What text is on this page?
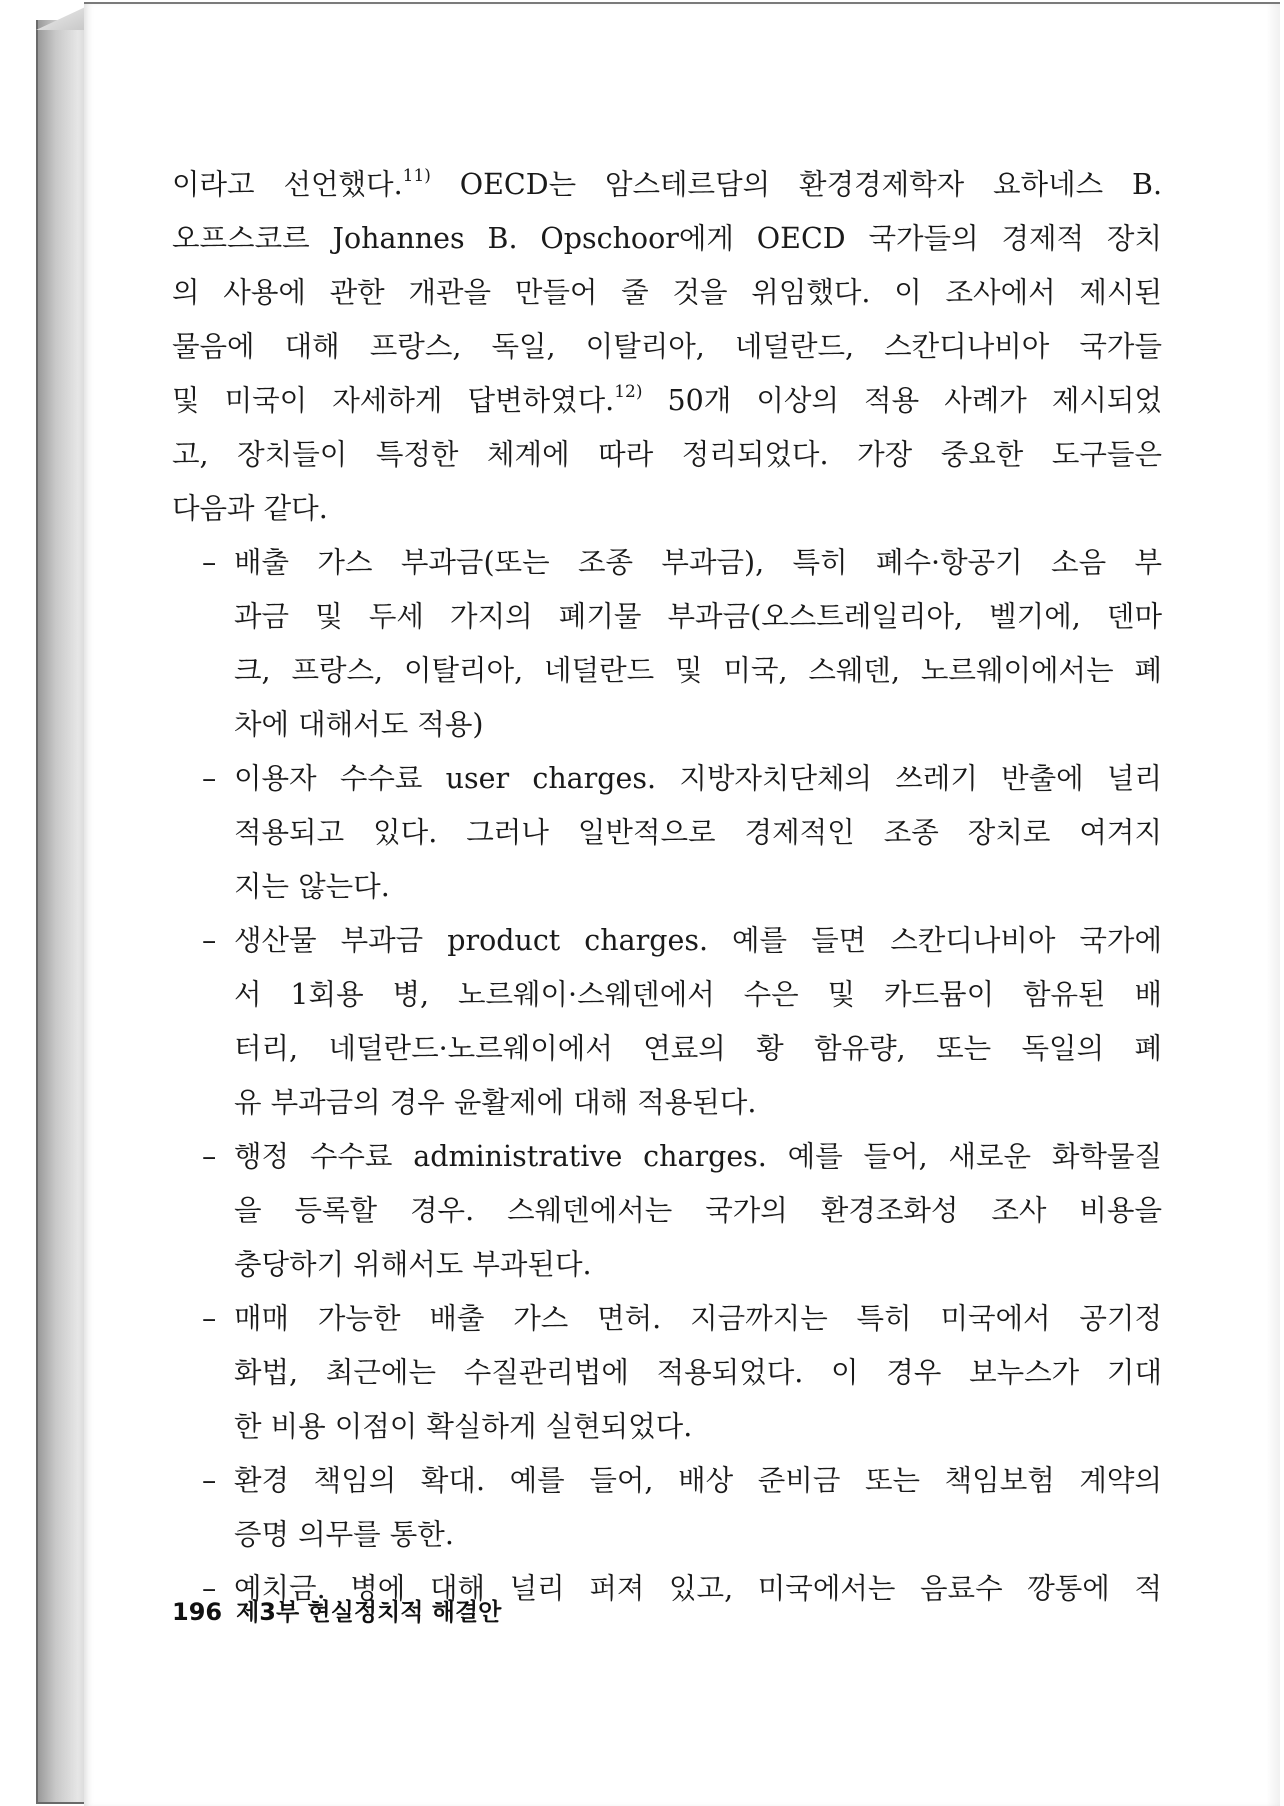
이라고 선언했다.$^{11)}$ OECD는 암스테르담의 환경경제학자 요하네스 B.
오프스코르 Johannes B. Opschoor에게 OECD 국가들의 경제적 장치
의 사용에 관한 개관을 만들어 줄 것을 위임했다. 이 조사에서 제시된
물음에 대해 프랑스, 독일, 이탈리아, 네덜란드, 스칸디나비아 국가들
및 미국이 자세하게 답변하였다.$^{12)}$ 50개 이상의 적용 사례가 제시되었
고, 장치들이 특정한 체계에 따라 정리되었다. 가장 중요한 도구들은
다음과 같다.
– 배출 가스 부과금(또는 조종 부과금), 특히 폐수·항공기 소음 부
과금 및 두세 가지의 폐기물 부과금(오스트레일리아, 벨기에, 덴마
크, 프랑스, 이탈리아, 네덜란드 및 미국, 스웨덴, 노르웨이에서는 폐
차에 대해서도 적용)
– 이용자 수수료 user charges. 지방자치단체의 쓰레기 반출에 널리
적용되고 있다. 그러나 일반적으로 경제적인 조종 장치로 여겨지
지는 않는다.
– 생산물 부과금 product charges. 예를 들면 스칸디나비아 국가에
서 1회용 병, 노르웨이·스웨덴에서 수은 및 카드뮴이 함유된 배
터리, 네덜란드·노르웨이에서 연료의 황 함유량, 또는 독일의 폐
유 부과금의 경우 윤활제에 대해 적용된다.
– 행정 수수료 administrative charges. 예를 들어, 새로운 화학물질
을 등록할 경우. 스웨덴에서는 국가의 환경조화성 조사 비용을
충당하기 위해서도 부과된다.
– 매매 가능한 배출 가스 면허. 지금까지는 특히 미국에서 공기정
화법, 최근에는 수질관리법에 적용되었다. 이 경우 보누스가 기대
한 비용 이점이 확실하게 실현되었다.
– 환경 책임의 확대. 예를 들어, 배상 준비금 또는 책임보험 계약의
증명 의무를 통한.
– 예치금. 병에 대해 널리 퍼져 있고, 미국에서는 음료수 깡통에 적
196 제3부 현실정치적 해결안
